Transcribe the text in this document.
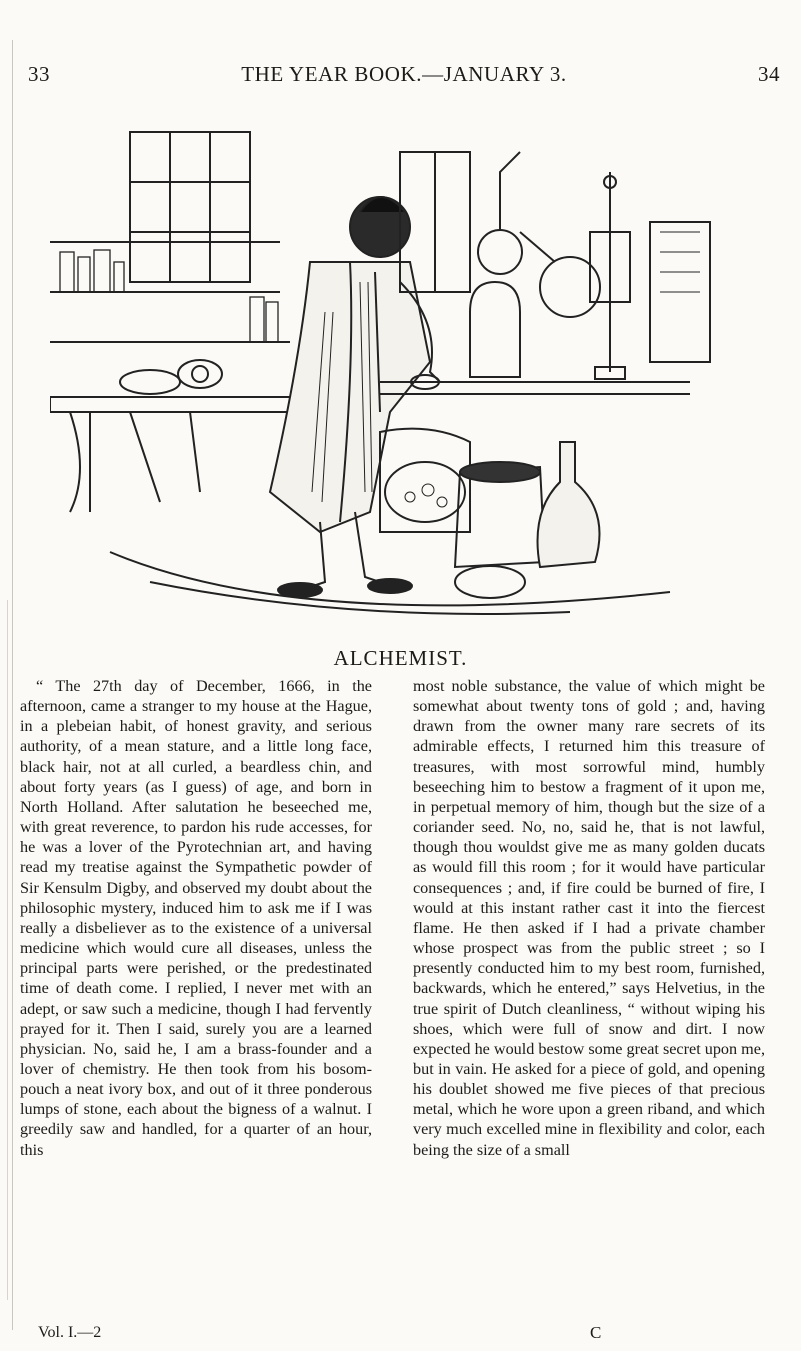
33	THE YEAR BOOK.—JANUARY 3.	34
ALCHEMIST.

“ The 27th day of December, 1666, in the afternoon, came a stranger to my house at the Hague, in a plebeian habit, of honest gravity, and serious authority, of a mean stature, and a little long face, black hair, not at all curled, a beardless chin, and about forty years (as I guess) of age, and born in North Holland. After salutation he beseeched me, with great reverence, to pardon his rude accesses, for he was a lover of the Pyrotechnian art, and having read my treatise against the Sympathetic powder of Sir Kensulm Digby, and observed my doubt about the philosophic mystery, induced him to ask me if I was really a disbeliever as to the existence of a universal medicine which would cure all diseases, unless the principal parts were perished, or the predestinated time of death come. I replied, I never met with an adept, or saw such a medicine, though I had fervently prayed for it. Then I said, surely you are a learned physician. No, said he, I am a brass-founder and a lover of chemistry. He then took from his bosom-pouch a neat ivory box, and out of it three ponderous lumps of stone, each about the bigness of a walnut. I greedily saw and handled, for a quarter of an hour, this

most noble substance, the value of which might be somewhat about twenty tons of gold ; and, having drawn from the owner many rare secrets of its admirable effects, I returned him this treasure of treasures, with most sorrowful mind, humbly beseeching him to bestow a fragment of it upon me, in perpetual memory of him, though but the size of a coriander seed. No, no, said he, that is not lawful, though thou wouldst give me as many golden ducats as would fill this room ; for it would have particular consequences ; and, if fire could be burned of fire, I would at this instant rather cast it into the fiercest flame. He then asked if I had a private chamber whose prospect was from the public street ; so I presently conducted him to my best room, furnished, backwards, which he entered,” says Helvetius, in the true spirit of Dutch cleanliness, “ without wiping his shoes, which were full of snow and dirt. I now expected he would bestow some great secret upon me, but in vain. He asked for a piece of gold, and opening his doublet showed me five pieces of that precious metal, which he wore upon a green riband, and which very much excelled mine in flexibility and color, each being the size of a small

Vol. I.—2	C
